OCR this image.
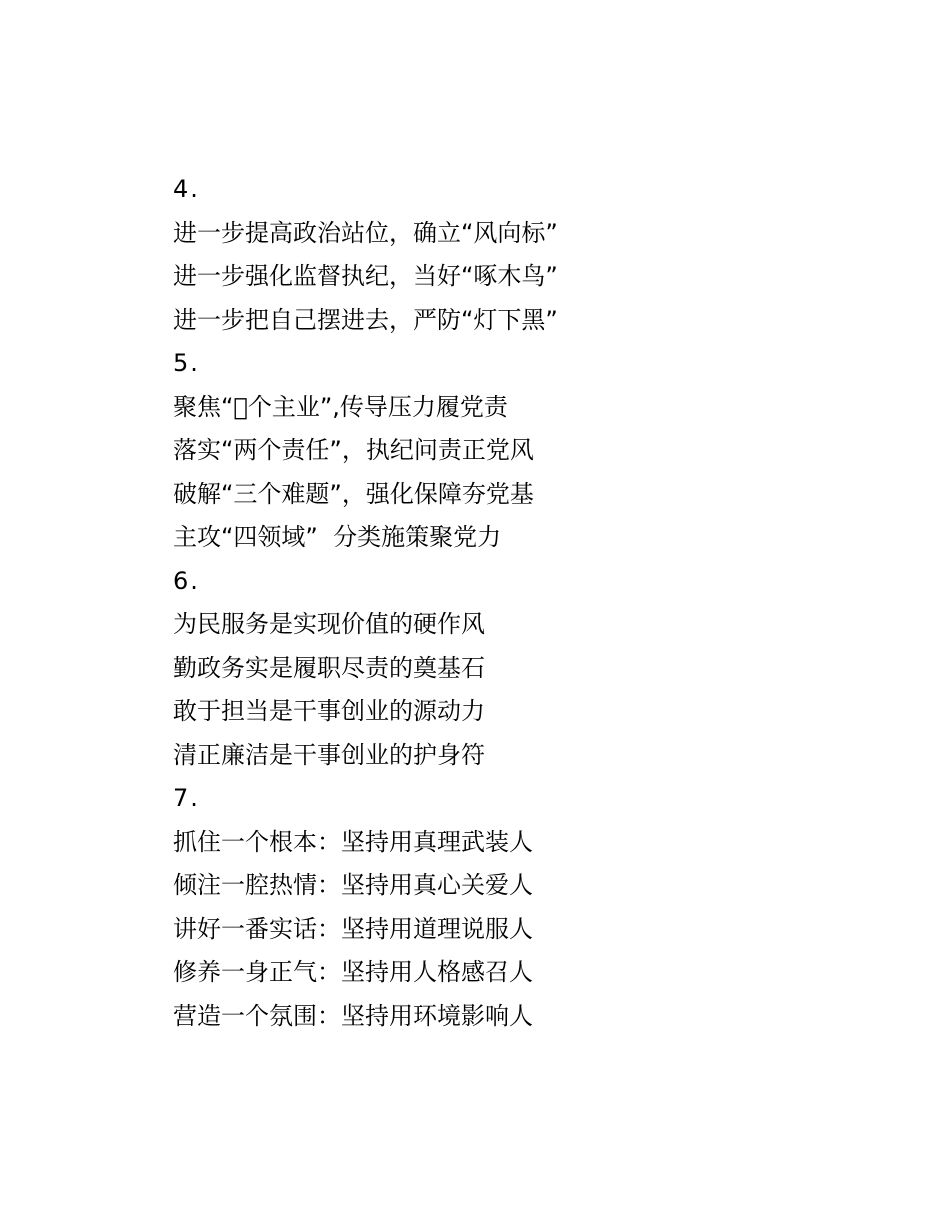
4.
进一步提高政治站位，确立“风向标”
进一步强化监督执纪，当好“啄木鸟”
进一步把自己摆进去，严防“灯下黑”
5.
聚焦“ 个主业”,传导压力履党责
落实“两个责任”，执纪问责正党风
破解“三个难题”，强化保障夯党基
主攻“四领域”  分类施策聚党力
6.
为民服务是实现价值的硬作风
勤政务实是履职尽责的奠基石
敢于担当是干事创业的源动力
清正廉洁是干事创业的护身符
7.
抓住一个根本：坚持用真理武装人
倾注一腔热情：坚持用真心关爱人
讲好一番实话：坚持用道理说服人
修养一身正气：坚持用人格感召人
营造一个氛围：坚持用环境影响人
